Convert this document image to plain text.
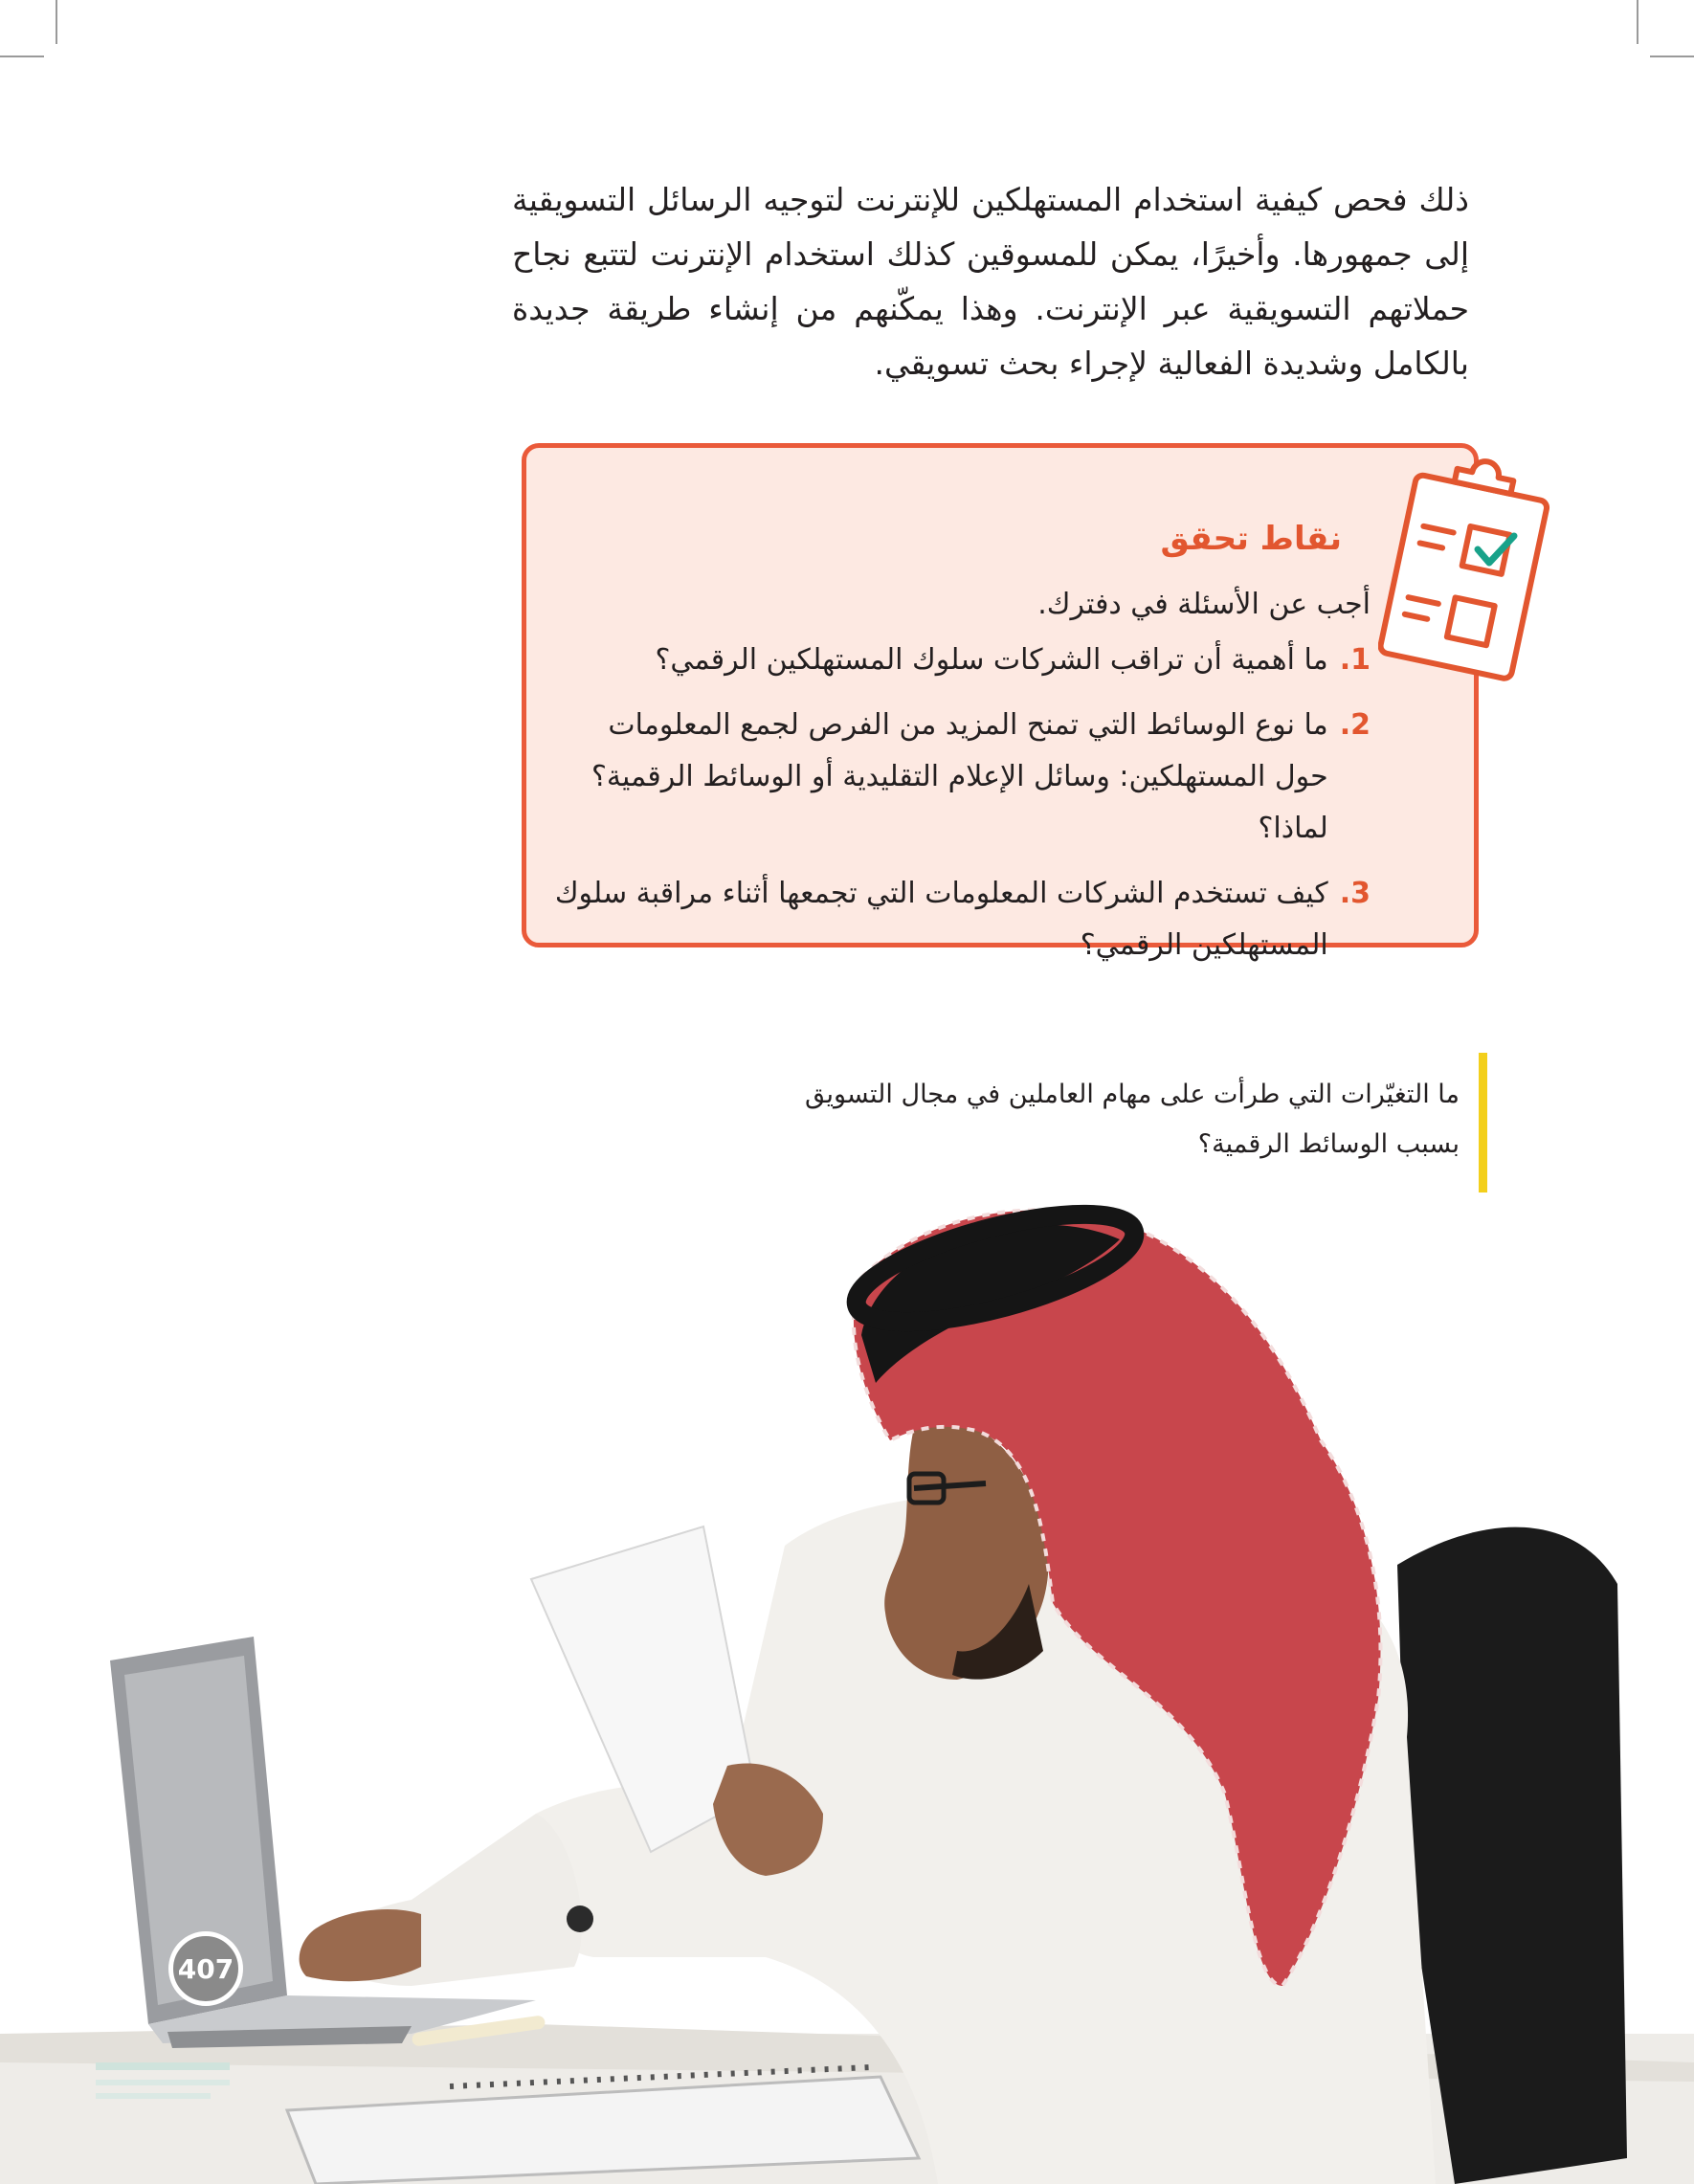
ذلك فحص كيفية استخدام المستهلكين للإنترنت لتوجيه الرسائل التسويقية إلى جمهورها. وأخيرًا، يمكن للمسوقين كذلك استخدام الإنترنت لتتبع نجاح حملاتهم التسويقية عبر الإنترنت. وهذا يمكّنهم من إنشاء طريقة جديدة بالكامل وشديدة الفعالية لإجراء بحث تسويقي.

نقاط تحقق

أجب عن الأسئلة في دفترك.

1.
ما أهمية أن تراقب الشركات سلوك المستهلكين الرقمي؟
2.
ما نوع الوسائط التي تمنح المزيد من الفرص لجمع المعلومات حول المستهلكين: وسائل الإعلام التقليدية أو الوسائط الرقمية؟ لماذا؟
3.
كيف تستخدم الشركات المعلومات التي تجمعها أثناء مراقبة سلوك المستهلكين الرقمي؟

ما التغيّرات التي طرأت على مهام العاملين في مجال التسويق بسبب الوسائط الرقمية؟

407
